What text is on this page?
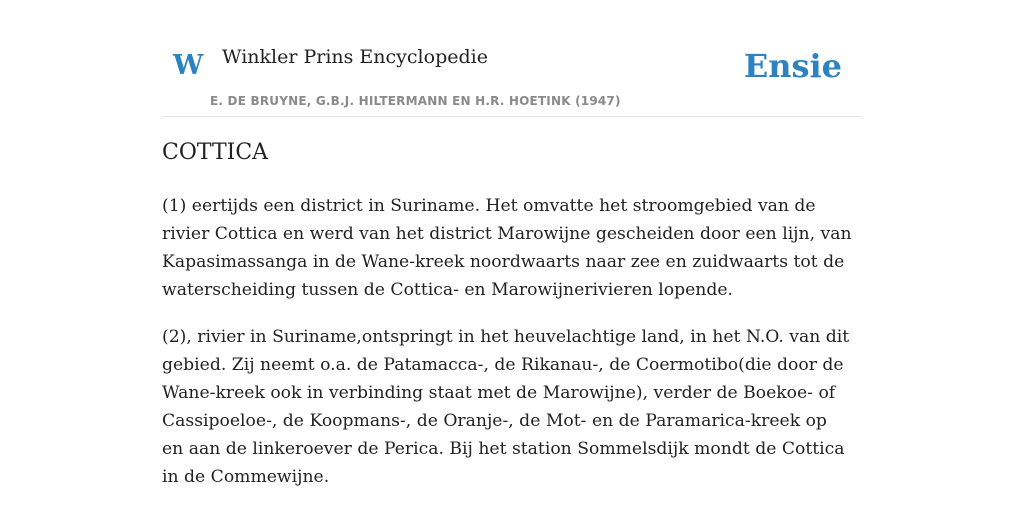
W Winkler Prins Encyclopedie
E. DE BRUYNE, G.B.J. HILTERMANN EN H.R. HOETINK (1947)
Ensie
COTTICA

(1) eertijds een district in Suriname. Het omvatte het stroomgebied van de rivier Cottica en werd van het district Marowijne gescheiden door een lijn, van Kapasimassanga in de Wane-kreek noordwaarts naar zee en zuidwaarts tot de waterscheiding tussen de Cottica- en Marowijnerivieren lopende.

(2), rivier in Suriname,ontspringt in het heuvelachtige land, in het N.O. van dit gebied. Zij neemt o.a. de Patamacca-, de Rikanau-, de Coermotibo(die door de Wane-kreek ook in verbinding staat met de Marowijne), verder de Boekoe- of Cassipoeloe-, de Koopmans-, de Oranje-, de Mot- en de Paramarica-kreek op en aan de linkeroever de Perica. Bij het station Sommelsdijk mondt de Cottica in de Commewijne.
